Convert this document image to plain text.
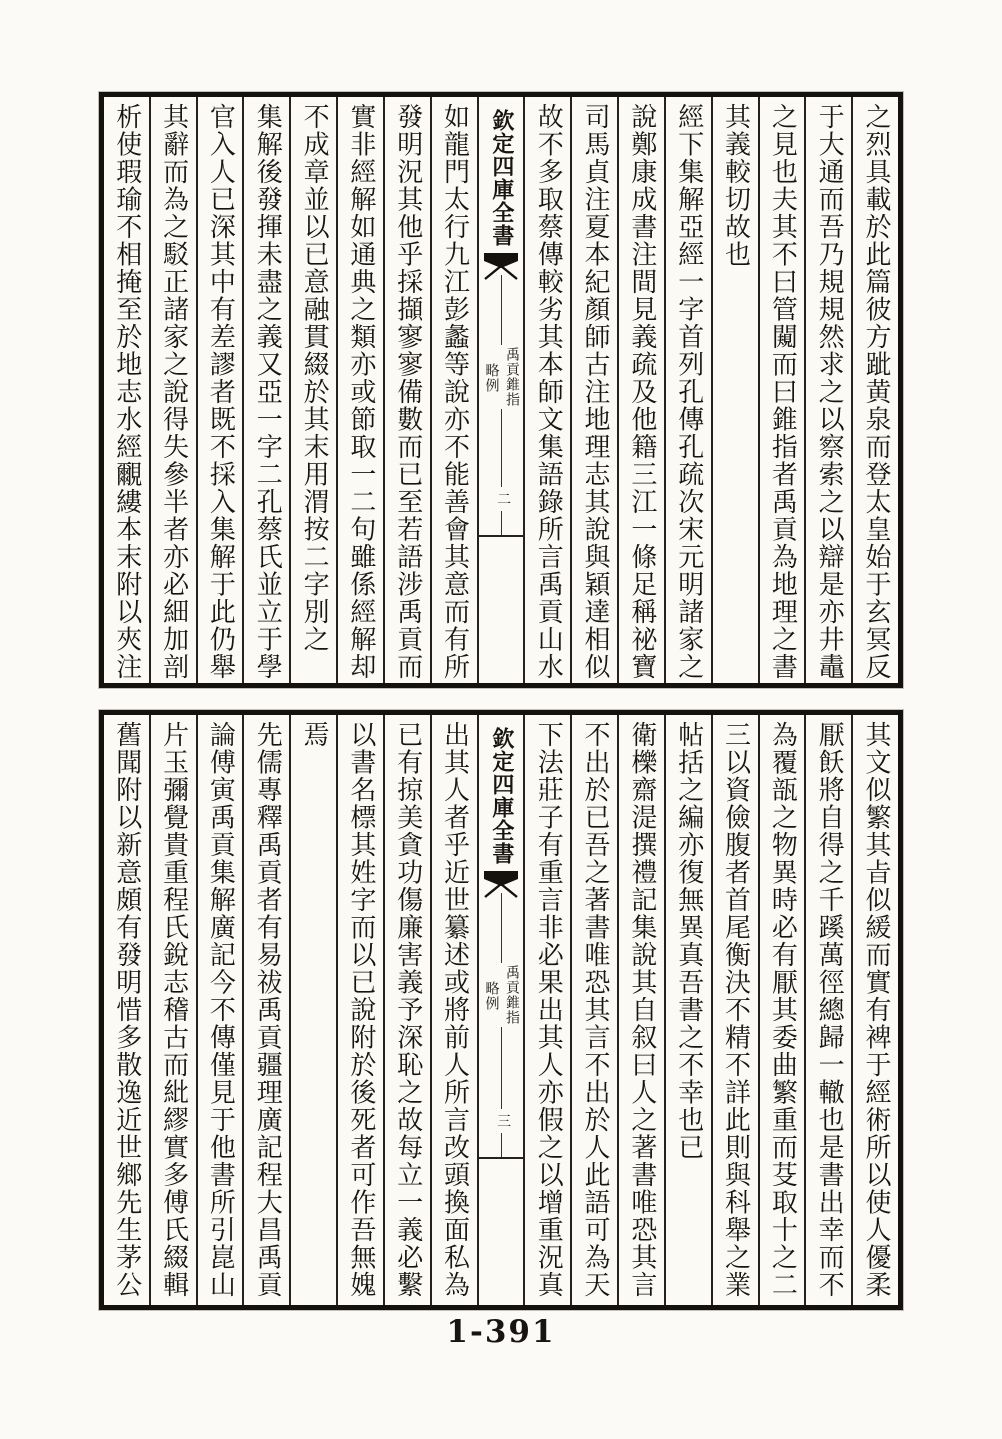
之烈具載於此篇彼方跐黄泉而登太皇始于玄冥反
于大通而吾乃規規然求之以察索之以辯是亦井鼃
之見也夫其不曰管闚而曰錐指者禹貢為地理之書
其義較切故也
經下集解亞經一字首列孔傳孔疏次宋元明諸家之
說鄭康成書注間見義疏及他籍三江一條足稱祕寶
司馬貞注夏本紀顏師古注地理志其說與穎達相似
故不多取蔡傳較劣其本師文集語錄所言禹貢山水
欽定四庫全書
禹貢錐指
略例
二
如龍門太行九江彭蠡等說亦不能善會其意而有所
發明況其他乎採擷寥寥備數而已至若語涉禹貢而
實非經解如通典之類亦或節取一二句雖係經解却
不成章並以已意融貫綴於其末用渭按二字別之
集解後發揮未盡之義又亞一字二孔蔡氏並立于學
官入人已深其中有差謬者既不採入集解于此仍舉
其辭而為之駁正諸家之說得失參半者亦必細加剖
析使瑕瑜不相掩至於地志水經覼縷本末附以夾注
其文似繁其㫖似緩而實有裨于經術所以使人優柔
厭飫將自得之千蹊萬徑總歸一轍也是書出幸而不
為覆瓿之物異時必有厭其委曲繁重而芟取十之二
三以資儉腹者首尾衡決不精不詳此則與科舉之業
帖括之編亦復無異真吾書之不幸也已
衛櫟齋湜撰禮記集說其自叙曰人之著書唯恐其言
不出於已吾之著書唯恐其言不出於人此語可為天
下法莊子有重言非必果出其人亦假之以增重況真
欽定四庫全書
禹貢錐指
略例
三
出其人者乎近世纂述或將前人所言改頭換面私為
已有掠美貪功傷廉害義予深恥之故每立一義必繫
以書名標其姓字而以已說附於後死者可作吾無媿
焉
先儒專釋禹貢者有易祓禹貢疆理廣記程大昌禹貢
論傅寅禹貢集解廣記今不傳僅見于他書所引崑山
片玉彌覺貴重程氏銳志稽古而紕繆實多傅氏綴輯
舊聞附以新意頗有發明惜多散逸近世鄉先生茅公
1-391
